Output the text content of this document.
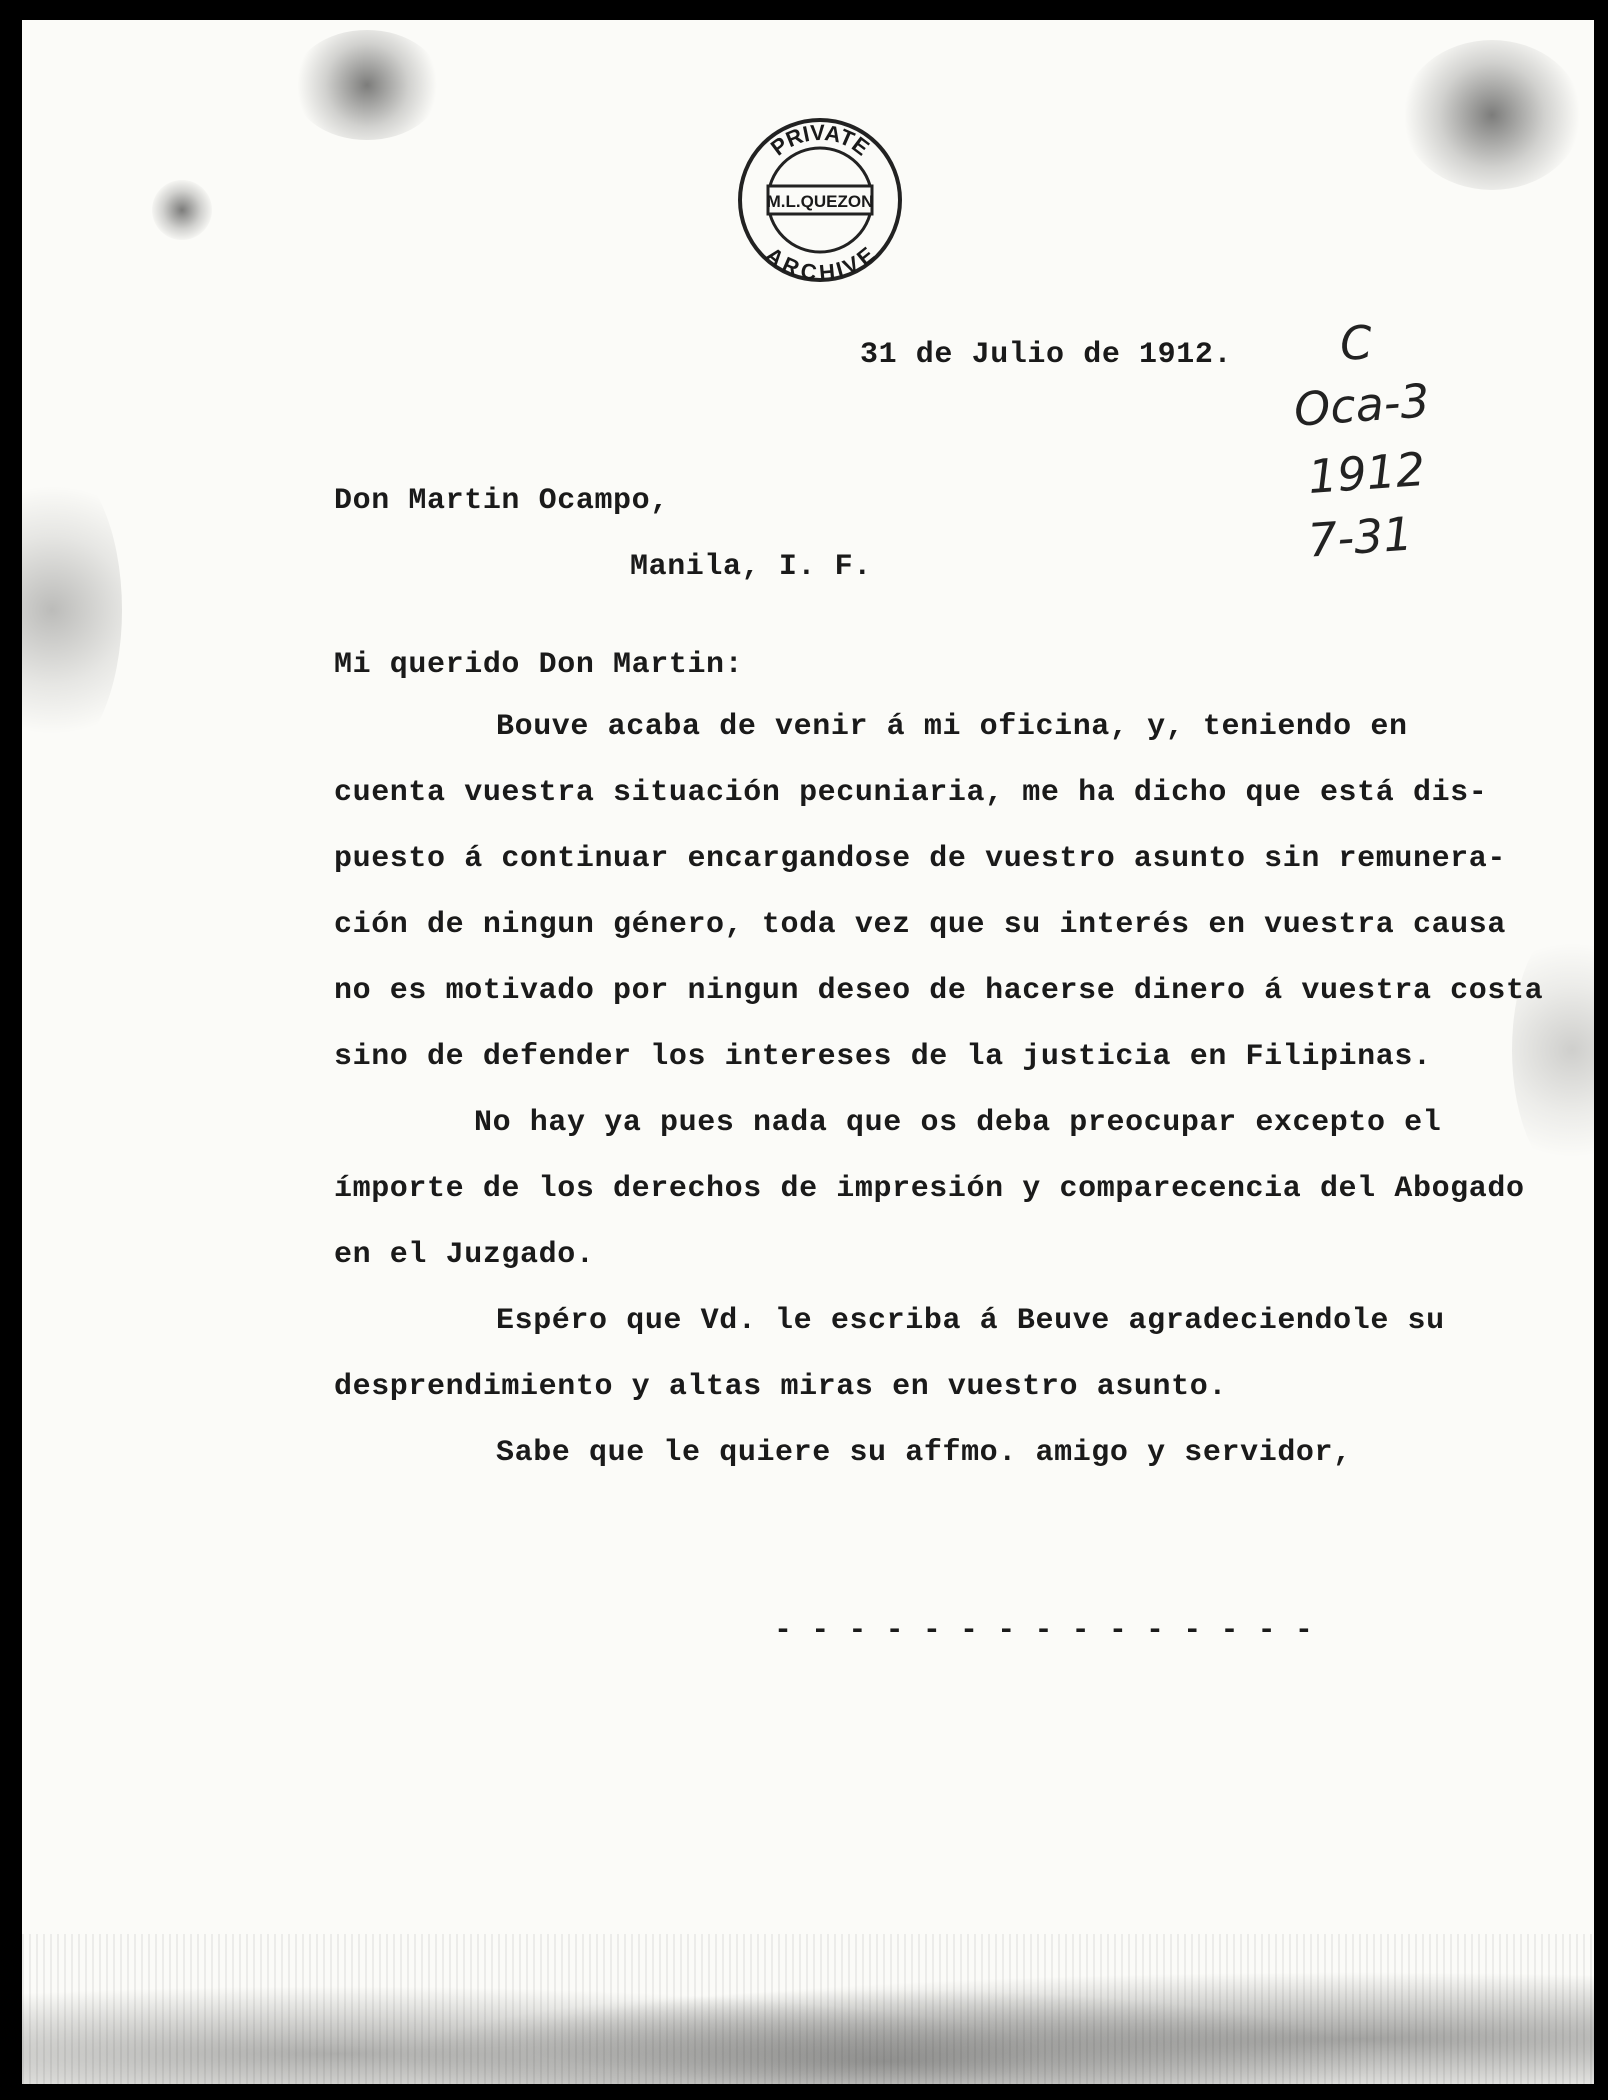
PRIVATE
ARCHIVE
M.L.QUEZON

C

Oca-3

1912

7-31

31 de Julio de 1912.

Don Martin Ocampo,

Manila, I. F.

Mi querido Don Martin:

Bouve acaba de venir á mi oficina, y, teniendo en

cuenta vuestra situación pecuniaria, me ha dicho que está dis-

puesto á continuar encargandose de vuestro asunto sin remunera-

ción de ningun género, toda vez que su interés en vuestra causa

no es motivado por ningun deseo de hacerse dinero á vuestra costa

sino de defender los intereses de la justicia en Filipinas.

No hay ya pues nada que os deba preocupar excepto el

ímporte de los derechos de impresión y comparecencia del Abogado

en el Juzgado.

Espéro que Vd. le escriba á Beuve agradeciendole su

desprendimiento y altas miras en vuestro asunto.

Sabe que le quiere su affmo. amigo y servidor,

- - - - - - - - - - - - - - -
